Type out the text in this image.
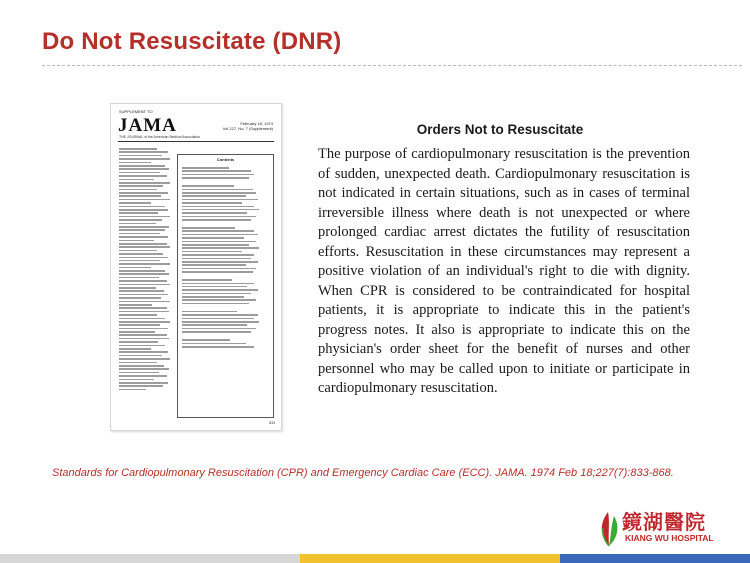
Do Not Resuscitate (DNR)
SUPPLEMENT TO
JAMA
THE JOURNAL of the American Medical Association
February 18, 1974
Vol 227, No. 7 (Supplement)
Contents
833
Orders Not to Resuscitate

The purpose of cardiopulmonary resuscitation is the prevention of sudden, unexpected death. Cardiopulmonary resuscitation is not indicated in certain situations, such as in cases of terminal irreversible illness where death is not unexpected or where prolonged cardiac arrest dictates the futility of resuscitation efforts. Resuscitation in these circumstances may represent a positive violation of an individual's right to die with dignity. When CPR is considered to be contraindicated for hospital patients, it is appropriate to indicate this in the patient's progress notes. It also is appropriate to indicate this on the physician's order sheet for the benefit of nurses and other personnel who may be called upon to initiate or participate in cardiopulmonary resuscitation.

Standards for Cardiopulmonary Resuscitation (CPR) and Emergency Cardiac Care (ECC). JAMA. 1974 Feb 18;227(7):833-868.
鏡湖醫院
KIANG WU HOSPITAL
